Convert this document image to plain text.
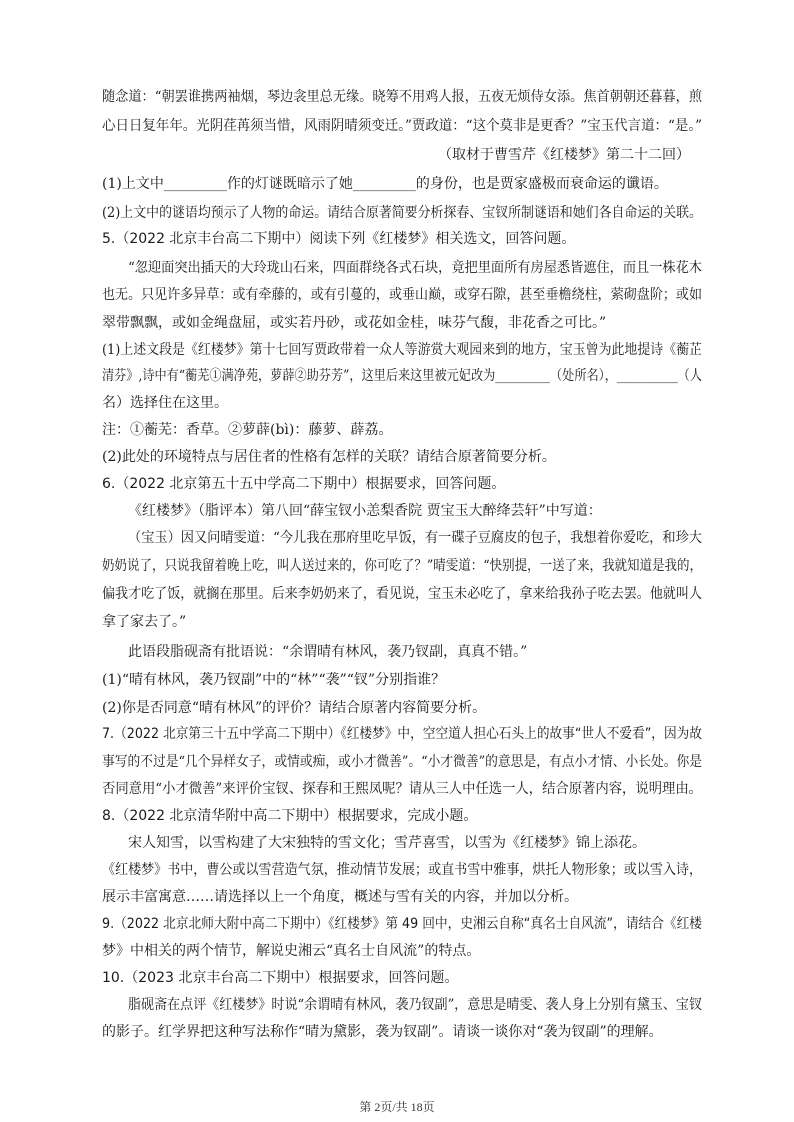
随念道：“朝罢谁携两袖烟，琴边衾里总无缘。晓筹不用鸡人报，五夜无烦侍女添。焦首朝朝还暮暮，煎
心日日复年年。光阴荏苒须当惜，风雨阴晴须变迁。”贾政道：“这个莫非是更香？”宝玉代言道：“是。”
（取材于曹雪芹《红楼梦》第二十二回）
(1)上文中_________作的灯谜既暗示了她_________的身份，也是贾家盛极而衰命运的谶语。
(2)上文中的谜语均预示了人物的命运。请结合原著简要分析探春、宝钗所制谜语和她们各自命运的关联。
5.（2022 北京丰台高二下期中）阅读下列《红楼梦》相关选文，回答问题。
“忽迎面突出插天的大玲珑山石来，四面群绕各式石块，竟把里面所有房屋悉皆遮住，而且一株花木
也无。只见许多异草：或有牵藤的，或有引蔓的，或垂山巅，或穿石隙，甚至垂檐绕柱，萦砌盘阶；或如
翠带飘飘，或如金绳盘屈，或实若丹砂，或花如金桂，味芬气馥，非花香之可比。”
(1)上述文段是《红楼梦》第十七回写贾政带着一众人等游赏大观园来到的地方，宝玉曾为此地提诗《蘅芷
清芬》,诗中有“蘅芜①满净苑，萝薜②助芬芳”，这里后来这里被元妃改为_________（处所名），__________（人
名）选择住在这里。
注：①蘅芜：香草。②萝薜(bì)：藤萝、薜荔。
(2)此处的环境特点与居住者的性格有怎样的关联？请结合原著简要分析。
6.（2022 北京第五十五中学高二下期中）根据要求，回答问题。
《红楼梦》（脂评本）第八回“薛宝钗小恙梨香院 贾宝玉大醉绛芸轩”中写道：
（宝玉）因又问晴雯道：“今儿我在那府里吃早饭，有一碟子豆腐皮的包子，我想着你爱吃，和珍大
奶奶说了，只说我留着晚上吃，叫人送过来的，你可吃了？”晴雯道：“快别提，一送了来，我就知道是我的，
偏我才吃了饭，就搁在那里。后来李奶奶来了，看见说，宝玉未必吃了，拿来给我孙子吃去罢。他就叫人
拿了家去了。”
此语段脂砚斋有批语说：“余谓晴有林风，袭乃钗副，真真不错。”
(1)“晴有林风，袭乃钗副”中的“林”“袭”“钗”分别指谁？
(2)你是否同意“晴有林风”的评价？请结合原著内容简要分析。
7.（2022 北京第三十五中学高二下期中）《红楼梦》中，空空道人担心石头上的故事“世人不爱看”，因为故
事写的不过是“几个异样女子，或情或痴，或小才微善”。“小才微善”的意思是，有点小才情、小长处。你是
否同意用“小才微善”来评价宝钗、探春和王熙凤呢？请从三人中任选一人，结合原著内容，说明理由。
8.（2022 北京清华附中高二下期中）根据要求，完成小题。
宋人知雪，以雪构建了大宋独特的雪文化；雪芹喜雪，以雪为《红楼梦》锦上添花。
《红楼梦》书中，曹公或以雪营造气氛，推动情节发展；或直书雪中雅事，烘托人物形象；或以雪入诗，
展示丰富寓意……请选择以上一个角度，概述与雪有关的内容，并加以分析。
9.（2022 北京北师大附中高二下期中）《红楼梦》第 49 回中，史湘云自称“真名士自风流”，请结合《红楼
梦》中相关的两个情节，解说史湘云“真名士自风流”的特点。
10.（2023 北京丰台高二下期中）根据要求，回答问题。
脂砚斋在点评《红楼梦》时说“余谓晴有林风，袭乃钗副”，意思是晴雯、袭人身上分别有黛玉、宝钗
的影子。红学界把这种写法称作“晴为黛影，袭为钗副”。请谈一谈你对“袭为钗副”的理解。
第 2页/共 18页
